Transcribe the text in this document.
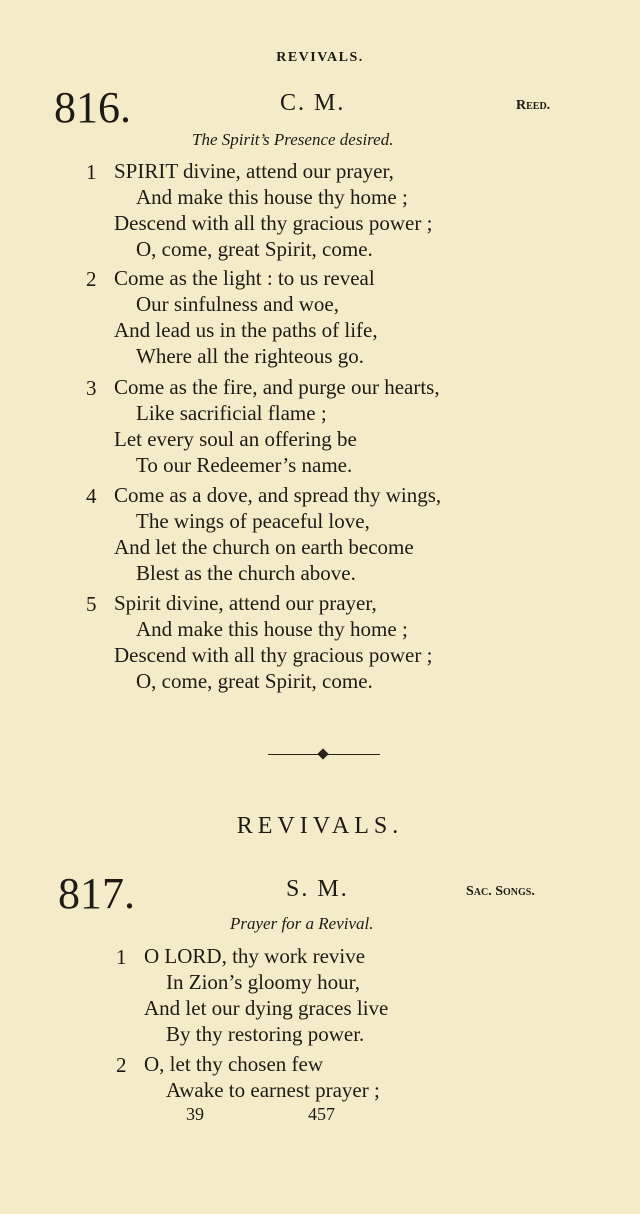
REVIVALS.
816.	C. M.	Reed.
The Spirit’s Presence desired.
1 SPIRIT divine, attend our prayer,
And make this house thy home ;
Descend with all thy gracious power ;
O, come, great Spirit, come.
2 Come as the light : to us reveal
Our sinfulness and woe,
And lead us in the paths of life,
Where all the righteous go.
3 Come as the fire, and purge our hearts,
Like sacrificial flame ;
Let every soul an offering be
To our Redeemer’s name.
4 Come as a dove, and spread thy wings,
The wings of peaceful love,
And let the church on earth become
Blest as the church above.
5 Spirit divine, attend our prayer,
And make this house thy home ;
Descend with all thy gracious power ;
O, come, great Spirit, come.
REVIVALS.
817.	S. M.	Sac. Songs.
Prayer for a Revival.
1 O LORD, thy work revive
In Zion’s gloomy hour,
And let our dying graces live
By thy restoring power.
2 O, let thy chosen few
Awake to earnest prayer ;
39	457
